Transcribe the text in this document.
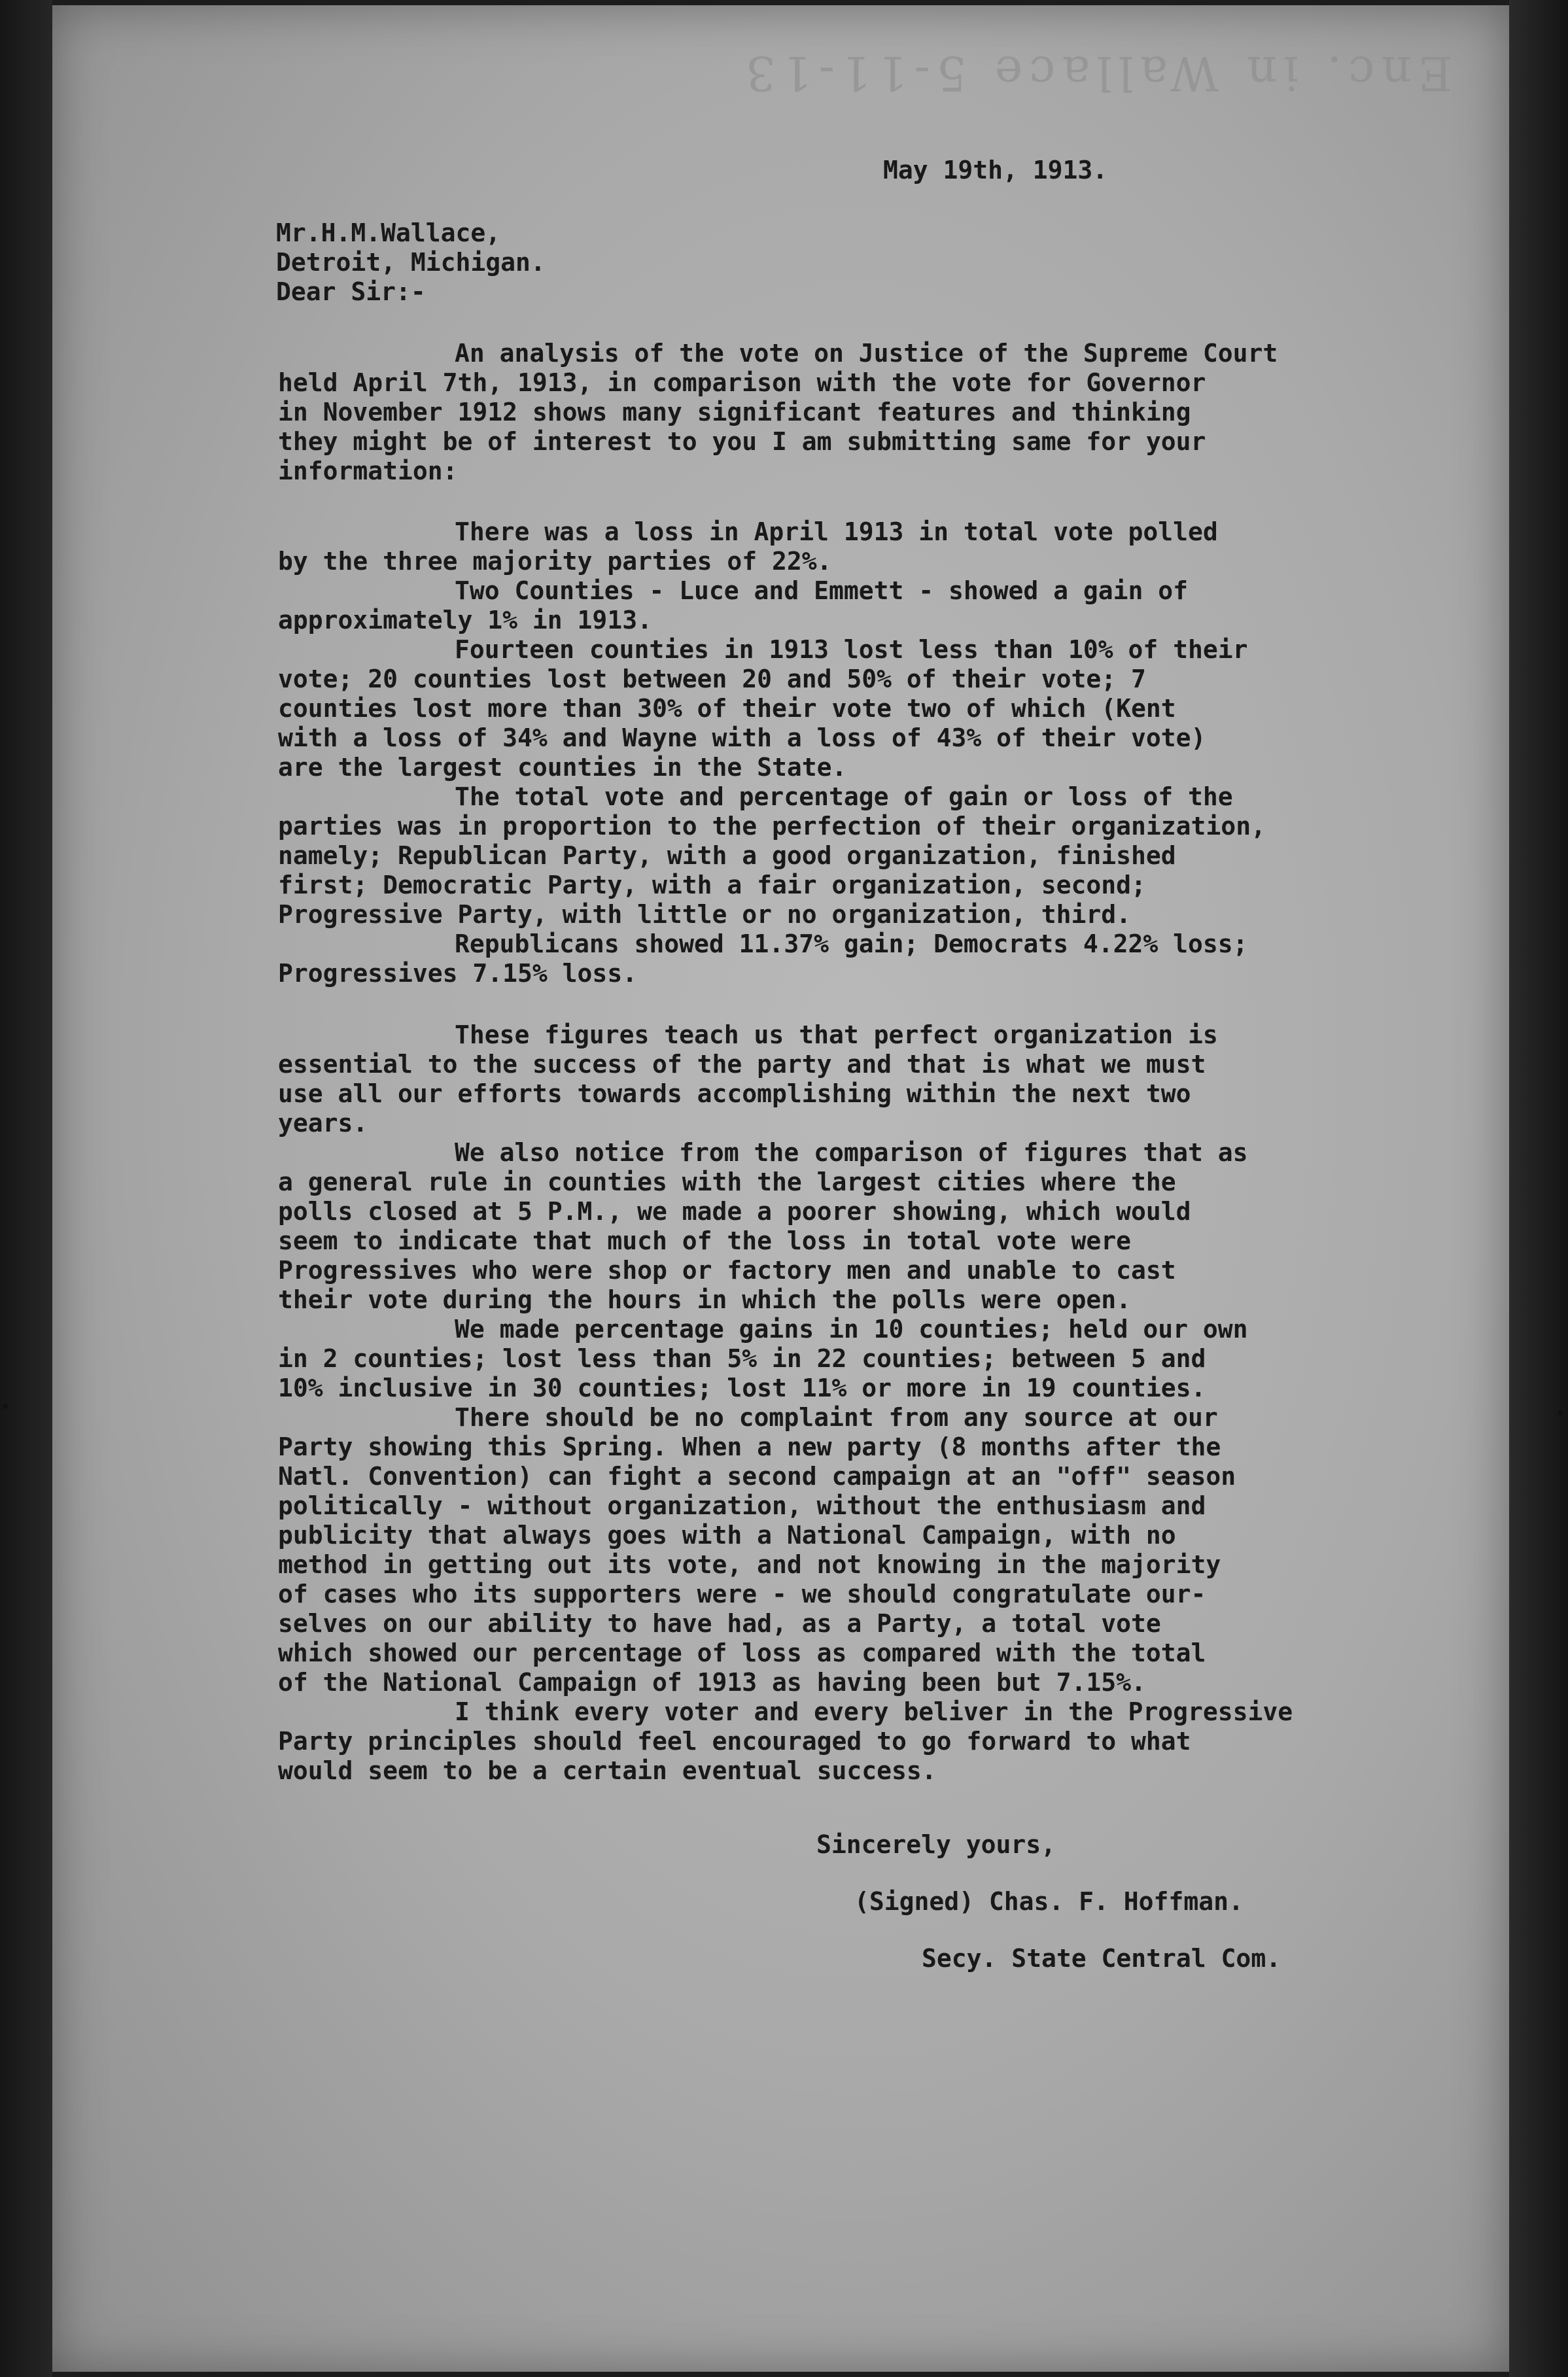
Enc. in Wallace 5-11-13
May 19th, 1913.
Mr.H.M.Wallace,
Detroit, Michigan.
Dear Sir:-
An analysis of the vote on Justice of the Supreme Court
held April 7th, 1913, in comparison with the vote for Governor
in November 1912 shows many significant features and thinking
they might be of interest to you I am submitting same for your
information:
There was a loss in April 1913 in total vote polled
by the three majority parties of 22%.
Two Counties - Luce and Emmett - showed a gain of
approximately 1% in 1913.
Fourteen counties in 1913 lost less than 10% of their
vote; 20 counties lost between 20 and 50% of their vote; 7
counties lost more than 30% of their vote two of which (Kent
with a loss of 34% and Wayne with a loss of 43% of their vote)
are the largest counties in the State.
The total vote and percentage of gain or loss of the
parties was in proportion to the perfection of their organization,
namely; Republican Party, with a good organization, finished
first; Democratic Party, with a fair organization, second;
Progressive Party, with little or no organization, third.
Republicans showed 11.37% gain; Democrats 4.22% loss;
Progressives 7.15% loss.
These figures teach us that perfect organization is
essential to the success of the party and that is what we must
use all our efforts towards accomplishing within the next two
years.
We also notice from the comparison of figures that as
a general rule in counties with the largest cities where the
polls closed at 5 P.M., we made a poorer showing, which would
seem to indicate that much of the loss in total vote were
Progressives who were shop or factory men and unable to cast
their vote during the hours in which the polls were open.
We made percentage gains in 10 counties; held our own
in 2 counties; lost less than 5% in 22 counties; between 5 and
10% inclusive in 30 counties; lost 11% or more in 19 counties.
There should be no complaint from any source at our
Party showing this Spring. When a new party (8 months after the
Natl. Convention) can fight a second campaign at an "off" season
politically - without organization, without the enthusiasm and
publicity that always goes with a National Campaign, with no
method in getting out its vote, and not knowing in the majority
of cases who its supporters were - we should congratulate our-
selves on our ability to have had, as a Party, a total vote
which showed our percentage of loss as compared with the total
of the National Campaign of 1913 as having been but 7.15%.
I think every voter and every beliver in the Progressive
Party principles should feel encouraged to go forward to what
would seem to be a certain eventual success.
Sincerely yours,
(Signed) Chas. F. Hoffman.
Secy. State Central Com.
